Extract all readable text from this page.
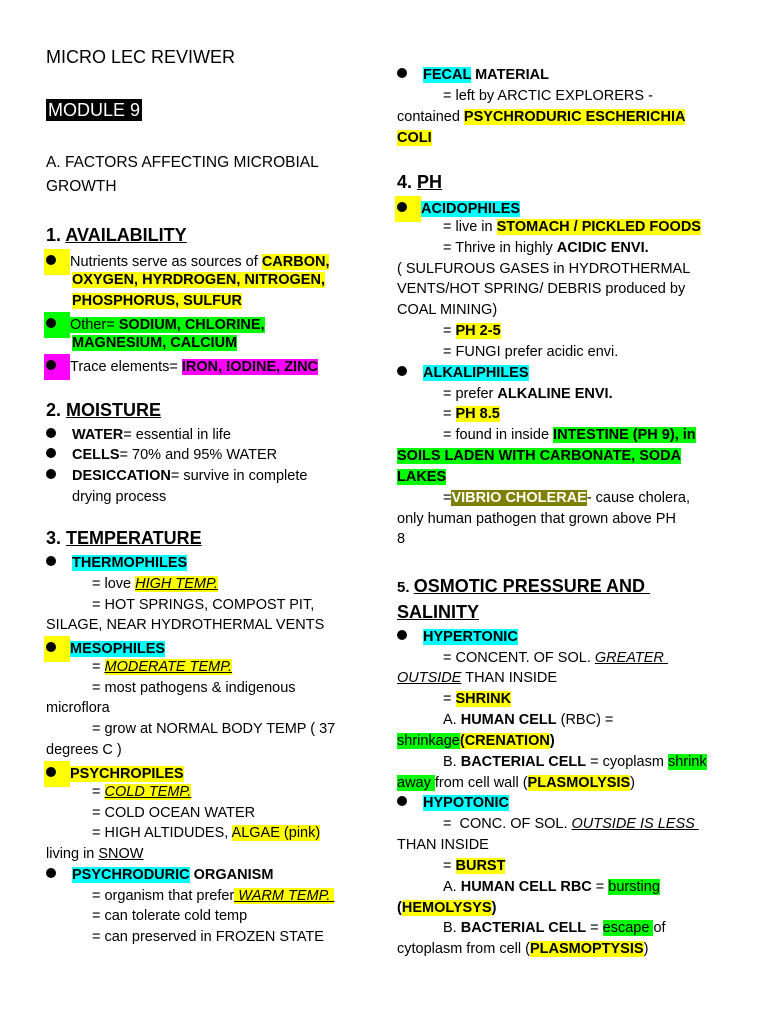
MICRO LEC REVIWER
MODULE 9
A. FACTORS AFFECTING MICROBIAL
GROWTH
1. AVAILABILITY
Nutrients serve as sources of CARBON,
OXYGEN, HYRDROGEN, NITROGEN,
PHOSPHORUS, SULFUR
Other= SODIUM, CHLORINE,
MAGNESIUM, CALCIUM
Trace elements= IRON, IODINE, ZINC
2. MOISTURE
WATER= essential in life
CELLS= 70% and 95% WATER
DESICCATION= survive in complete
drying process
3. TEMPERATURE
THERMOPHILES
= love HIGH TEMP.
= HOT SPRINGS, COMPOST PIT,
SILAGE, NEAR HYDROTHERMAL VENTS
MESOPHILES
= MODERATE TEMP.
= most pathogens & indigenous
microflora
= grow at NORMAL BODY TEMP ( 37
degrees C )
PSYCHROPILES
= COLD TEMP.
= COLD OCEAN WATER
= HIGH ALTIDUDES, ALGAE (pink)
living in SNOW
PSYCHRODURIC ORGANISM
= organism that prefer WARM TEMP.
= can tolerate cold temp
= can preserved in FROZEN STATE
FECAL MATERIAL
= left by ARCTIC EXPLORERS -
contained PSYCHRODURIC ESCHERICHIA
COLI
4. PH
ACIDOPHILES
= live in STOMACH / PICKLED FOODS
= Thrive in highly ACIDIC ENVI.
( SULFUROUS GASES in HYDROTHERMAL
VENTS/HOT SPRING/ DEBRIS produced by
COAL MINING)
= PH 2-5
= FUNGI prefer acidic envi.
ALKALIPHILES
= prefer ALKALINE ENVI.
= PH 8.5
= found in inside INTESTINE (PH 9), in
SOILS LADEN WITH CARBONATE, SODA
LAKES
=VIBRIO CHOLERAE- cause cholera,
only human pathogen that grown above PH
8
5. OSMOTIC PRESSURE AND
SALINITY
HYPERTONIC
= CONCENT. OF SOL. GREATER
OUTSIDE THAN INSIDE
= SHRINK
A. HUMAN CELL (RBC) =
shrinkage(CRENATION)
B. BACTERIAL CELL = cyoplasm shrink
away from cell wall (PLASMOLYSIS)
HYPOTONIC
=  CONC. OF SOL. OUTSIDE IS LESS
THAN INSIDE
= BURST
A. HUMAN CELL RBC = bursting
(HEMOLYSYS)
B. BACTERIAL CELL = escape of
cytoplasm from cell (PLASMOPTYSIS)
